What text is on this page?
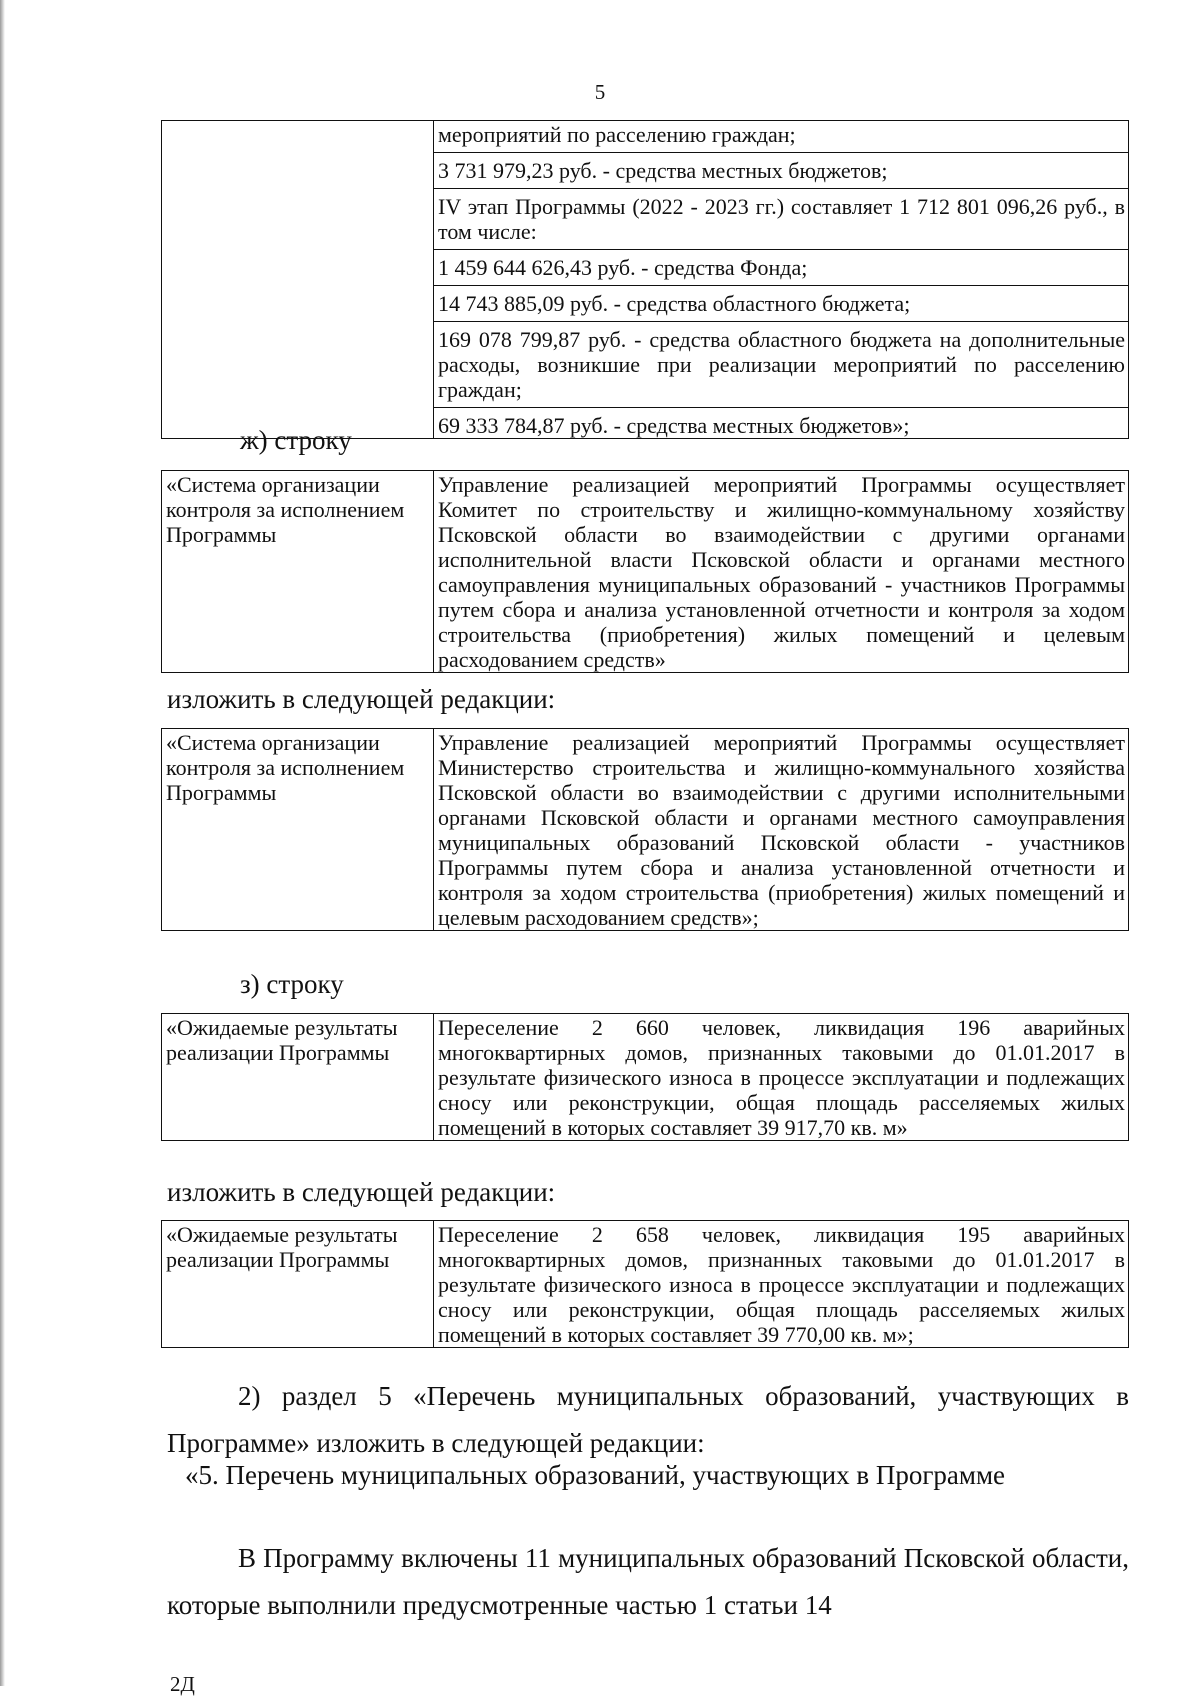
5

мероприятий по расселению граждан;

3 731 979,23 руб. - средства местных бюджетов;

IV этап Программы (2022 - 2023 гг.) составляет 1 712 801 096,26 руб., в том числе:

1 459 644 626,43 руб. - средства Фонда;

14 743 885,09 руб. - средства областного бюджета;

169 078 799,87 руб. - средства областного бюджета на дополнительные расходы, возникшие при реализации мероприятий по расселению граждан;

69 333 784,87 руб. - средства местных бюджетов»;

ж) строку
«Система организации контроля за исполнением Программы	Управление реализацией мероприятий Программы осуществляет Комитет по строительству и жилищно-коммунальному хозяйству Псковской области во взаимодействии с другими органами исполнительной власти Псковской области и органами местного самоуправления муниципальных образований - участников Программы путем сбора и анализа установленной отчетности и контроля за ходом строительства (приобретения) жилых помещений и целевым расходованием средств»
изложить в следующей редакции:
«Система организации контроля за исполнением Программы	Управление реализацией мероприятий Программы осуществляет Министерство строительства и жилищно-коммунального хозяйства Псковской области во взаимодействии с другими исполнительными органами Псковской области и органами местного самоуправления муниципальных образований Псковской области - участников Программы путем сбора и анализа установленной отчетности и контроля за ходом строительства (приобретения) жилых помещений и целевым расходованием средств»;
з) строку
«Ожидаемые результаты реализации Программы	Переселение 2 660 человек, ликвидация 196 аварийных многоквартирных домов, признанных таковыми до 01.01.2017 в результате физического износа в процессе эксплуатации и подлежащих сносу или реконструкции, общая площадь расселяемых жилых помещений в которых составляет 39 917,70 кв. м»
изложить в следующей редакции:
«Ожидаемые результаты реализации Программы	Переселение 2 658 человек, ликвидация 195 аварийных многоквартирных домов, признанных таковыми до 01.01.2017 в результате физического износа в процессе эксплуатации и подлежащих сносу или реконструкции, общая площадь расселяемых жилых помещений в которых составляет 39 770,00 кв. м»;
2) раздел 5 «Перечень муниципальных образований, участвующих в Программе» изложить в следующей редакции:
«5. Перечень муниципальных образований, участвующих в Программе
В Программу включены 11 муниципальных образований Псковской области, которые выполнили предусмотренные частью 1 статьи 14
2Д
